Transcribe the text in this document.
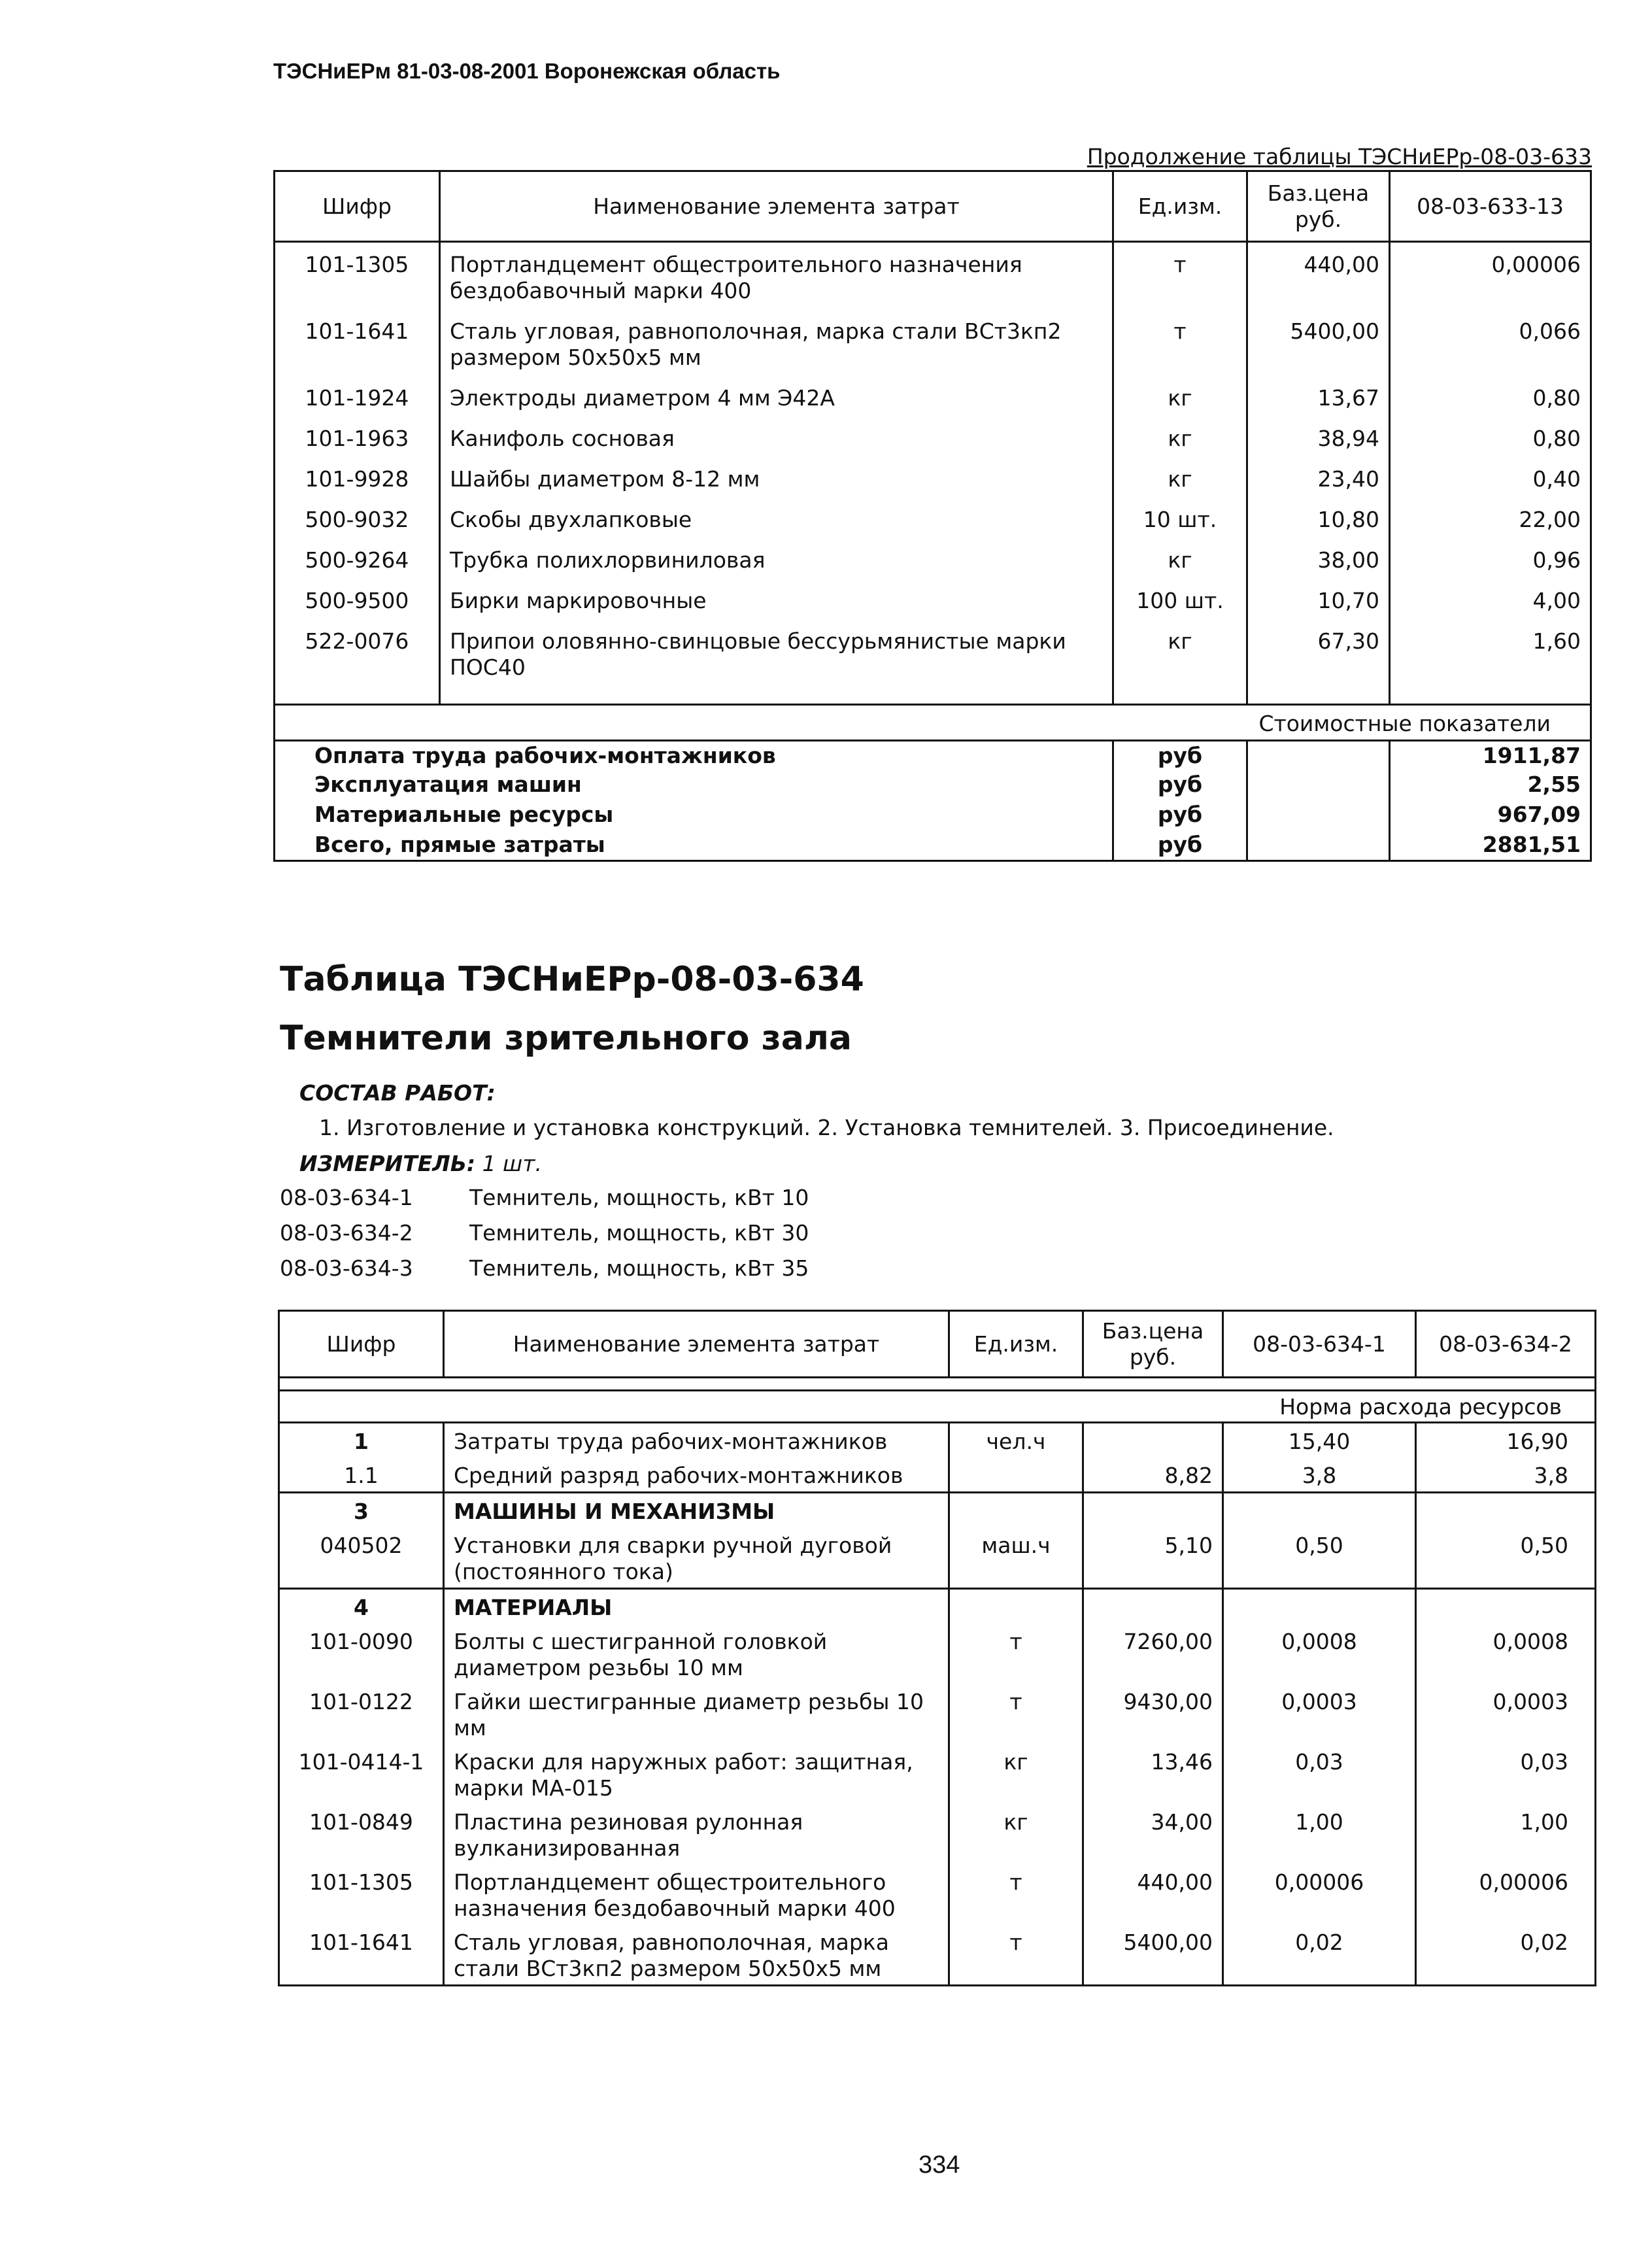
ТЭСНиЕРм 81-03-08-2001 Воронежская область
Продолжение таблицы ТЭСНиЕРр-08-03-633
Шифр	Наименование элемента затрат	Ед.изм.	Баз.цена руб.	08-03-633-13
101-1305	Портландцемент общестроительного назначения бездобавочный марки 400	т	440,00	0,00006
101-1641	Сталь угловая, равнополочная, марка стали ВСт3кп2 размером 50x50x5 мм	т	5400,00	0,066
101-1924	Электроды диаметром 4 мм Э42А	кг	13,67	0,80
101-1963	Канифоль сосновая	кг	38,94	0,80
101-9928	Шайбы диаметром 8-12 мм	кг	23,40	0,40
500-9032	Скобы двухлапковые	10 шт.	10,80	22,00
500-9264	Трубка полихлорвиниловая	кг	38,00	0,96
500-9500	Бирки маркировочные	100 шт.	10,70	4,00
522-0076	Припои оловянно-свинцовые бессурьмянистые марки ПОС40	кг	67,30	1,60

Стоимостные показатели				
Оплата труда рабочих-монтажников		руб		1911,87
Эксплуатация машин		руб		2,55
Материальные ресурсы		руб		967,09
Всего, прямые затраты		руб		2881,51
Таблица ТЭСНиЕРр-08-03-634
Темнители зрительного зала
СОСТАВ РАБОТ:
1. Изготовление и установка конструкций. 2. Установка темнителей. 3. Присоединение.
ИЗМЕРИТЕЛЬ: 1 шт.
08-03-634-1	Темнитель, мощность, кВт 10
08-03-634-2	Темнитель, мощность, кВт 30
08-03-634-3	Темнитель, мощность, кВт 35
Шифр	Наименование элемента затрат	Ед.изм.	Баз.цена руб.	08-03-634-1	08-03-634-2

Норма расхода ресурсов					
1	Затраты труда рабочих-монтажников	чел.ч		15,40	16,90
1.1	Средний разряд рабочих-монтажников		8,82	3,8	3,8
3	МАШИНЫ И МЕХАНИЗМЫ				
040502	Установки для сварки ручной дуговой (постоянного тока)	маш.ч	5,10	0,50	0,50
4	МАТЕРИАЛЫ				
101-0090	Болты с шестигранной головкой диаметром резьбы 10 мм	т	7260,00	0,0008	0,0008
101-0122	Гайки шестигранные диаметр резьбы 10 мм	т	9430,00	0,0003	0,0003
101-0414-1	Краски для наружных работ: защитная, марки МА-015	кг	13,46	0,03	0,03
101-0849	Пластина резиновая рулонная вулканизированная	кг	34,00	1,00	1,00
101-1305	Портландцемент общестроительного назначения бездобавочный марки 400	т	440,00	0,00006	0,00006
101-1641	Сталь угловая, равнополочная, марка стали ВСт3кп2 размером 50x50x5 мм	т	5400,00	0,02	0,02
334
